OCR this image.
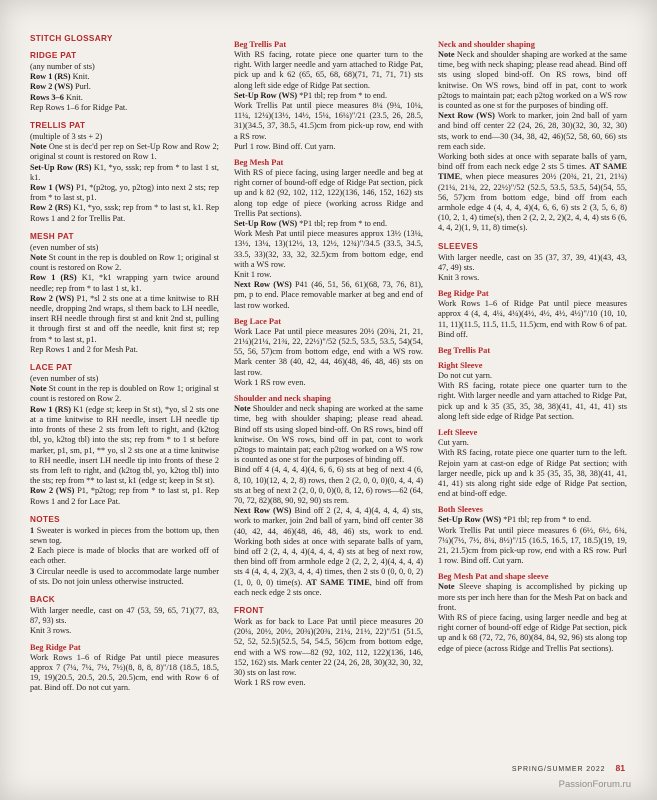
STITCH GLOSSARY
RIDGE PAT
(any number of sts)
Row 1 (RS) Knit.
Row 2 (WS) Purl.
Rows 3–6 Knit.
Rep Rows 1–6 for Ridge Pat.
TRELLIS PAT
(multiple of 3 sts + 2)
Note One st is dec'd per rep on Set-Up Row and Row 2; original st count is restored on Row 1.
Set-Up Row (RS) K1, *yo, sssk; rep from * to last 1 st, k1.
Row 1 (WS) P1, *(p2tog, yo, p2tog) into next 2 sts; rep from * to last st, p1.
Row 2 (RS) K1, *yo, sssk; rep from * to last st, k1. Rep Rows 1 and 2 for Trellis Pat.
MESH PAT
(even number of sts)
Note St count in the rep is doubled on Row 1; original st count is restored on Row 2.
Row 1 (RS) K1, *k1 wrapping yarn twice around needle; rep from * to last 1 st, k1.
Row 2 (WS) P1, *sl 2 sts one at a time knitwise to RH needle, dropping 2nd wraps, sl them back to LH needle, insert RH needle through first st and knit 2nd st, pulling it through first st and off the needle, knit first st; rep from * to last st, p1.
Rep Rows 1 and 2 for Mesh Pat.
LACE PAT
(even number of sts)
Note St count in the rep is doubled on Row 1; original st count is restored on Row 2.
Row 1 (RS) K1 (edge st; keep in St st), *yo, sl 2 sts one at a time knitwise to RH needle, insert LH needle tip into fronts of these 2 sts from left to right, and (k2tog tbl, yo, k2tog tbl) into the sts; rep from * to 1 st before marker, p1, sm, p1, ** yo, sl 2 sts one at a time knitwise to RH needle, insert LH needle tip into fronts of these 2 sts from left to right, and (k2tog tbl, yo, k2tog tbl) into the sts; rep from ** to last st, k1 (edge st; keep in St st).
Row 2 (WS) P1, *p2tog; rep from * to last st, p1. Rep Rows 1 and 2 for Lace Pat.
NOTES
1 Sweater is worked in pieces from the bottom up, then sewn tog.
2 Each piece is made of blocks that are worked off of each other.
3 Circular needle is used to accommodate large number of sts. Do not join unless otherwise instructed.
BACK
With larger needle, cast on 47 (53, 59, 65, 71)(77, 83, 87, 93) sts.
Knit 3 rows.
Beg Ridge Pat
Work Rows 1–6 of Ridge Pat until piece measures approx 7 (7¼, 7¼, 7½, 7½)(8, 8, 8, 8)"/18 (18.5, 18.5, 19, 19)(20.5, 20.5, 20.5, 20.5)cm, end with Row 6 of pat. Bind off. Do not cut yarn.
Beg Trellis Pat
With RS facing, rotate piece one quarter turn to the right. With larger needle and yarn attached to Ridge Pat, pick up and k 62 (65, 65, 68, 68)(71, 71, 71, 71) sts along left side edge of Ridge Pat section.
Set-Up Row (WS) *P1 tbl; rep from * to end.
Work Trellis Pat until piece measures 8¼ (9¼, 10¼, 11¼, 12¼)(13½, 14½, 15¼, 16¼)"/21 (23.5, 26, 28.5, 31)(34.5, 37, 38.5, 41.5)cm from pick-up row, end with a RS row.
Purl 1 row. Bind off. Cut yarn.
Beg Mesh Pat
With RS of piece facing, using larger needle and beg at right corner of bound-off edge of Ridge Pat section, pick up and k 82 (92, 102, 112, 122)(136, 146, 152, 162) sts along top edge of piece (working across Ridge and Trellis Pat sections).
Set-Up Row (WS) *P1 tbl; rep from * to end.
Work Mesh Pat until piece measures approx 13½ (13¼, 13½, 13¼, 13)(12½, 13, 12½, 12¾)"/34.5 (33.5, 34.5, 33.5, 33)(32, 33, 32, 32.5)cm from bottom edge, end with a WS row.
Knit 1 row.
Next Row (WS) P41 (46, 51, 56, 61)(68, 73, 76, 81), pm, p to end. Place removable marker at beg and end of last row worked.
Beg Lace Pat
Work Lace Pat until piece measures 20½ (20¾, 21, 21, 21¼)(21¼, 21¾, 22, 22½)"/52 (52.5, 53.5, 53.5, 54)(54, 55, 56, 57)cm from bottom edge, end with a WS row. Mark center 38 (40, 42, 44, 46)(48, 46, 48, 46) sts on last row.
Work 1 RS row even.
Shoulder and neck shaping
Note Shoulder and neck shaping are worked at the same time, beg with shoulder shaping; please read ahead. Bind off sts using sloped bind-off. On RS rows, bind off knitwise. On WS rows, bind off in pat, cont to work p2togs to maintain pat; each p2tog worked on a WS row is counted as one st for the purposes of binding off.
Bind off 4 (4, 4, 4, 4)(4, 6, 6, 6) sts at beg of next 4 (6, 8, 10, 10)(12, 4, 2, 8) rows, then 2 (2, 0, 0, 0)(0, 4, 4, 4) sts at beg of next 2 (2, 0, 0, 0)(0, 8, 12, 6) rows—62 (64, 70, 72, 82)(88, 90, 92, 90) sts rem.
Next Row (WS) Bind off 2 (2, 4, 4, 4)(4, 4, 4, 4) sts, work to marker, join 2nd ball of yarn, bind off center 38 (40, 42, 44, 46)(48, 46, 48, 46) sts, work to end. Working both sides at once with separate balls of yarn, bind off 2 (2, 4, 4, 4)(4, 4, 4, 4) sts at beg of next row, then bind off from armhole edge 2 (2, 2, 2, 4)(4, 4, 4, 4) sts 4 (4, 4, 4, 2)(3, 4, 4, 4) times, then 2 sts 0 (0, 0, 0, 2)(1, 0, 0, 0) time(s). AT SAME TIME, bind off from each neck edge 2 sts once.
FRONT
Work as for back to Lace Pat until piece measures 20 (20¼, 20½, 20½, 20¾)(20¾, 21¼, 21½, 22)"/51 (51.5, 52, 52, 52.5)(52.5, 54, 54.5, 56)cm from bottom edge, end with a WS row—82 (92, 102, 112, 122)(136, 146, 152, 162) sts. Mark center 22 (24, 26, 28, 30)(32, 30, 32, 30) sts on last row.
Work 1 RS row even.
Neck and shoulder shaping
Note Neck and shoulder shaping are worked at the same time, beg with neck shaping; please read ahead. Bind off sts using sloped bind-off. On RS rows, bind off knitwise. On WS rows, bind off in pat, cont to work p2togs to maintain pat; each p2tog worked on a WS row is counted as one st for the purposes of binding off.
Next Row (WS) Work to marker, join 2nd ball of yarn and bind off center 22 (24, 26, 28, 30)(32, 30, 32, 30) sts, work to end—30 (34, 38, 42, 46)(52, 58, 60, 66) sts rem each side.
Working both sides at once with separate balls of yarn, bind off from each neck edge 2 sts 5 times. AT SAME TIME, when piece measures 20½ (20¾, 21, 21, 21¼)(21¼, 21¾, 22, 22½)"/52 (52.5, 53.5, 53.5, 54)(54, 55, 56, 57)cm from bottom edge, bind off from each armhole edge 4 (4, 4, 4, 4)(4, 6, 6, 6) sts 2 (3, 5, 6, 8)(10, 2, 1, 4) time(s), then 2 (2, 2, 2, 2)(2, 4, 4, 4) sts 6 (6, 4, 4, 2)(1, 9, 11, 8) time(s).
SLEEVES
With larger needle, cast on 35 (37, 37, 39, 41)(43, 43, 47, 49) sts.
Knit 3 rows.
Beg Ridge Pat
Work Rows 1–6 of Ridge Pat until piece measures approx 4 (4, 4, 4¼, 4¼)(4½, 4½, 4½, 4½)"/10 (10, 10, 11, 11)(11.5, 11.5, 11.5, 11.5)cm, end with Row 6 of pat. Bind off.
Beg Trellis Pat
Right Sleeve
Do not cut yarn.
With RS facing, rotate piece one quarter turn to the right. With larger needle and yarn attached to Ridge Pat, pick up and k 35 (35, 35, 38, 38)(41, 41, 41, 41) sts along left side edge of Ridge Pat section.
Left Sleeve
Cut yarn.
With RS facing, rotate piece one quarter turn to the left. Rejoin yarn at cast-on edge of Ridge Pat section; with larger needle, pick up and k 35 (35, 35, 38, 38)(41, 41, 41, 41) sts along right side edge of Ridge Pat section, end at bind-off edge.
Both Sleeves
Set-Up Row (WS) *P1 tbl; rep from * to end.
Work Trellis Pat until piece measures 6 (6½, 6½, 6¾, 7¼)(7½, 7½, 8¼, 8½)"/15 (16.5, 16.5, 17, 18.5)(19, 19, 21, 21.5)cm from pick-up row, end with a RS row. Purl 1 row. Bind off. Cut yarn.
Beg Mesh Pat and shape sleeve
Note Sleeve shaping is accomplished by picking up more sts per inch here than for the Mesh Pat on back and front.
With RS of piece facing, using larger needle and beg at right corner of bound-off edge of Ridge Pat section, pick up and k 68 (72, 72, 76, 80)(84, 84, 92, 96) sts along top edge of piece (across Ridge and Trellis Pat sections).
SPRING/SUMMER 2022 81
PassionForum.ru
